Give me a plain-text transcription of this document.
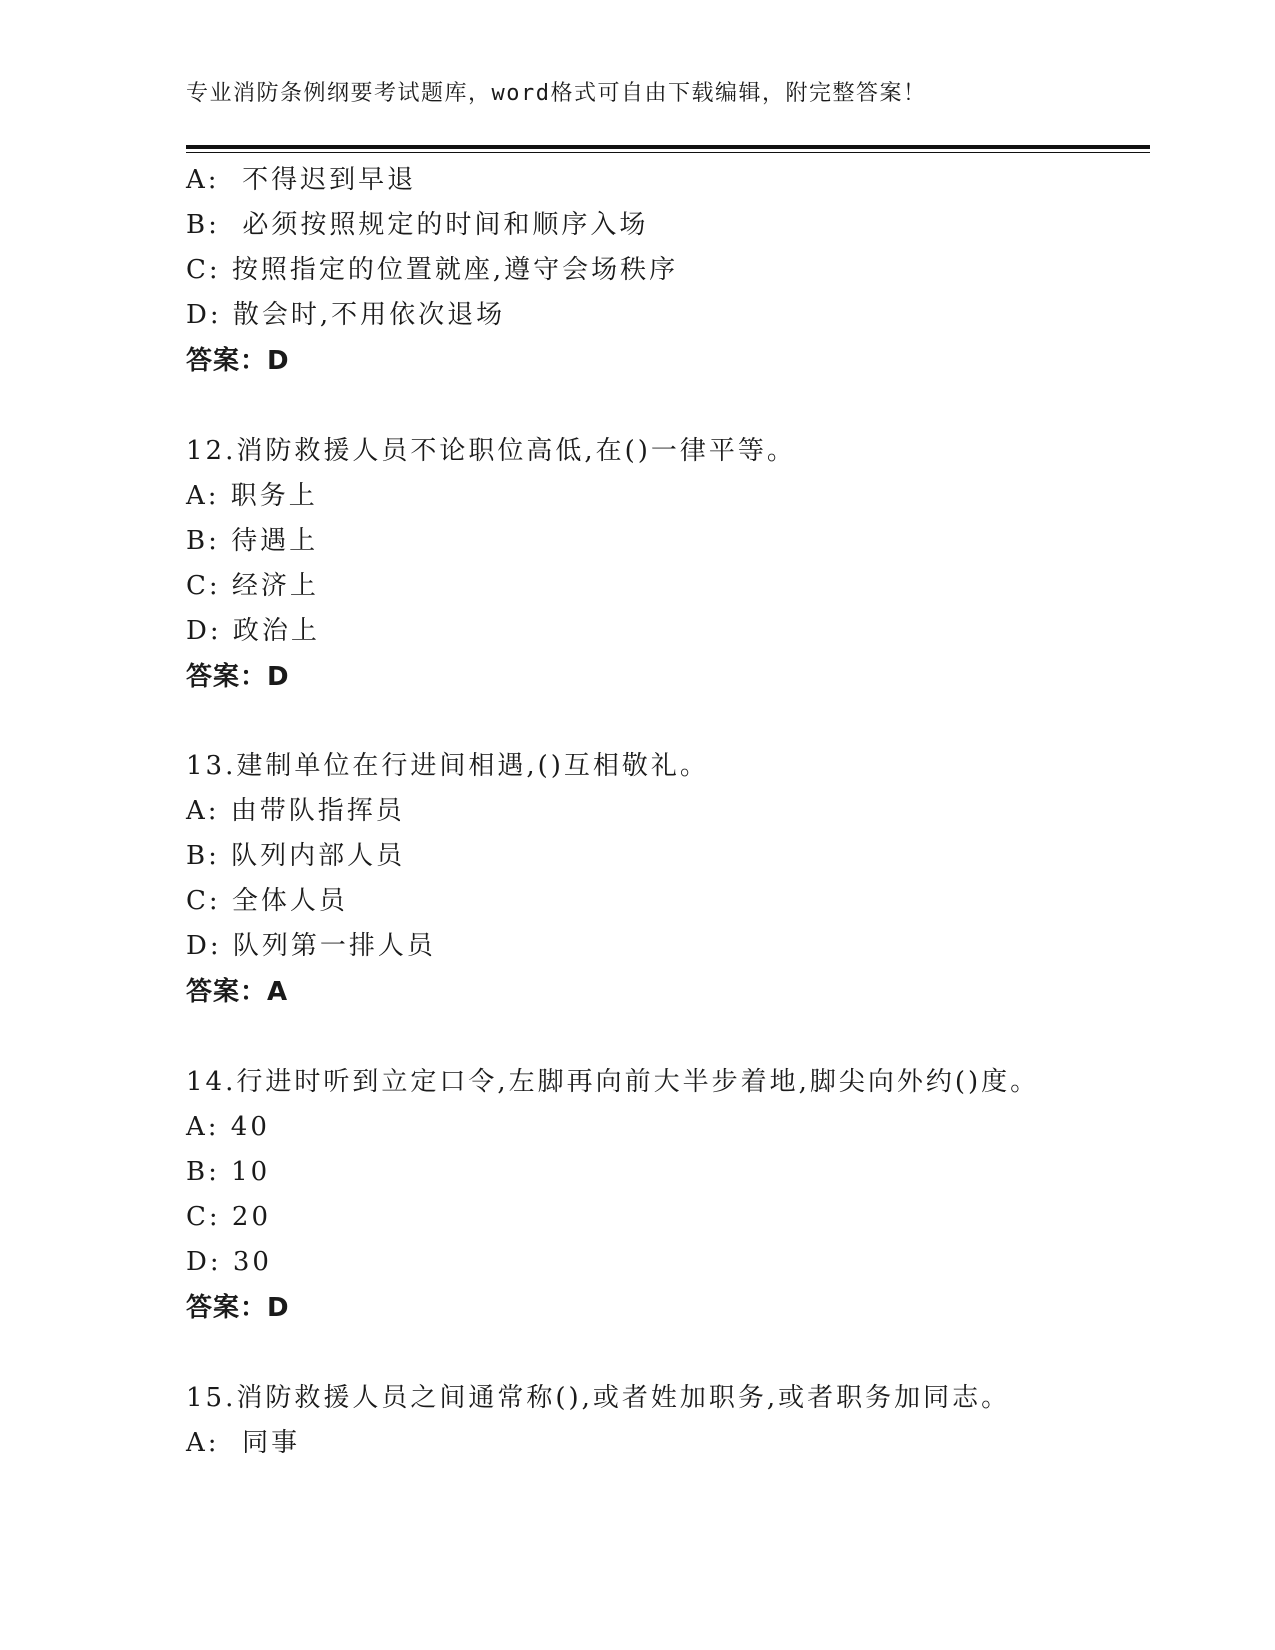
专业消防条例纲要考试题库，word格式可自由下载编辑，附完整答案！
A:  不得迟到早退
B:  必须按照规定的时间和顺序入场
C: 按照指定的位置就座,遵守会场秩序
D: 散会时,不用依次退场
答案：D
12.消防救援人员不论职位高低,在()一律平等。
A: 职务上
B: 待遇上
C: 经济上
D: 政治上
答案：D
13.建制单位在行进间相遇,()互相敬礼。
A: 由带队指挥员
B: 队列内部人员
C: 全体人员
D: 队列第一排人员
答案：A
14.行进时听到立定口令,左脚再向前大半步着地,脚尖向外约()度。
A: 40
B: 10
C: 20
D: 30
答案：D
15.消防救援人员之间通常称(),或者姓加职务,或者职务加同志。
A:  同事
